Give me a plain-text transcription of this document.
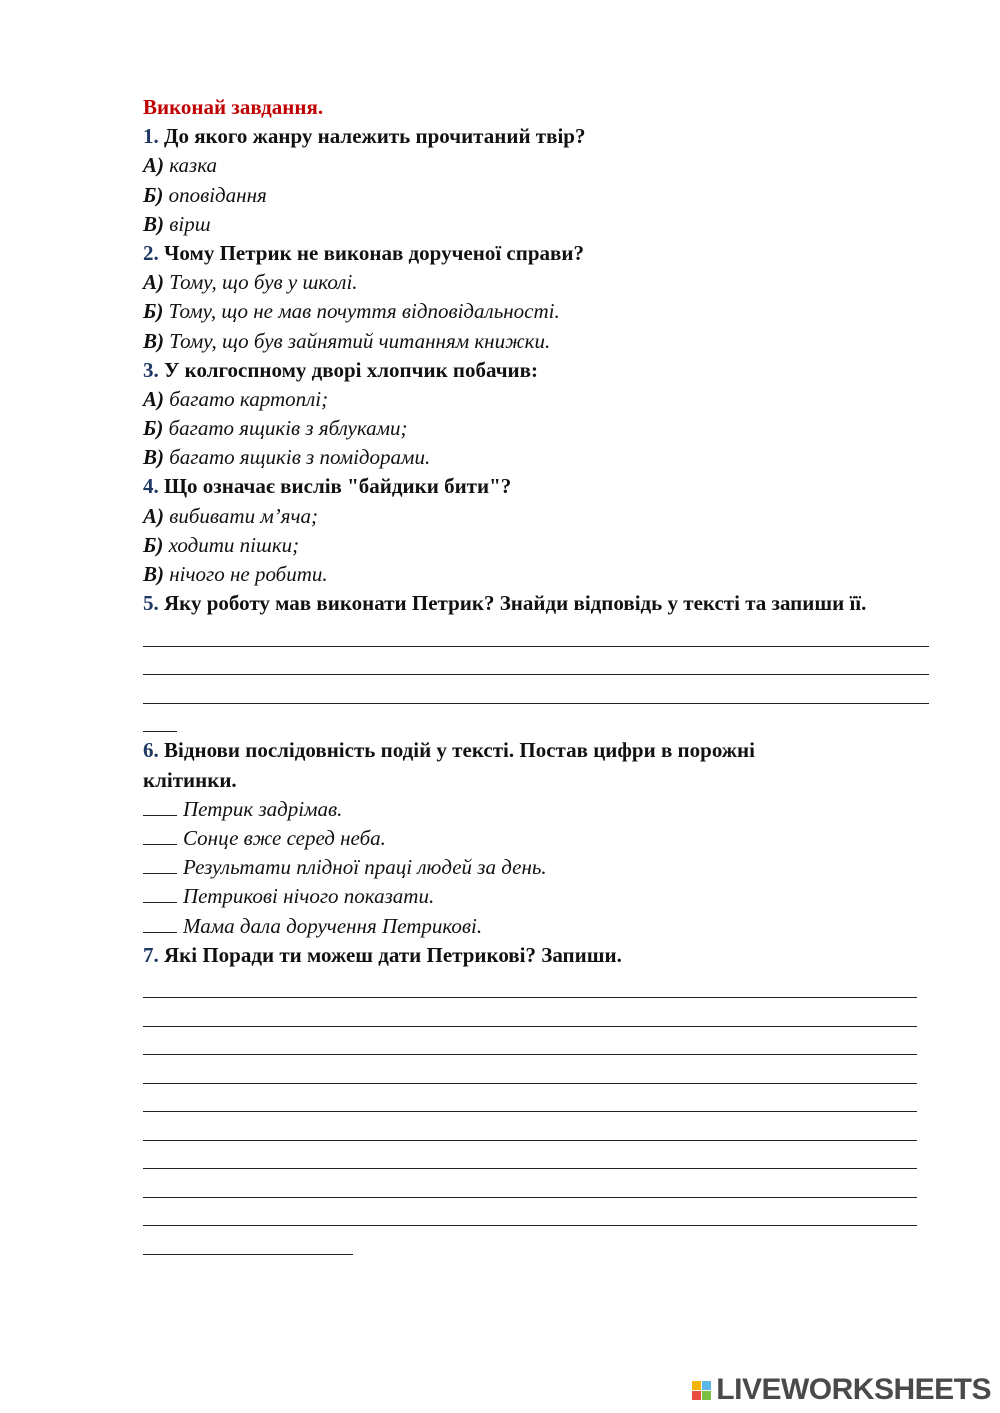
Виконай завдання.
1. До якого жанру належить прочитаний твір?
А) казка
Б) оповідання
В) вірш
2. Чому Петрик не виконав дорученої справи?
А) Тому, що був у школі.
Б) Тому, що не мав почуття відповідальності.
В) Тому, що був зайнятий читанням книжки.
3. У колгоспному дворі хлопчик побачив:
А) багато картоплі;
Б) багато ящиків з яблуками;
В) багато ящиків з помідорами.
4. Що означає вислів "байдики бити"?
А) вибивати м’яча;
Б) ходити пішки;
В) нічого не робити.
5. Яку роботу мав виконати Петрик? Знайди відповідь у тексті та запиши її.
6. Віднови послідовність подій у тексті. Постав цифри в порожні клітинки.
Петрик задрімав.
Сонце вже серед неба.
Результати плідної праці людей за день.
Петрикові нічого показати.
Мама дала доручення Петрикові.
7. Які Поради ти можеш дати Петрикові? Запиши.
LIVEWORKSHEETS
